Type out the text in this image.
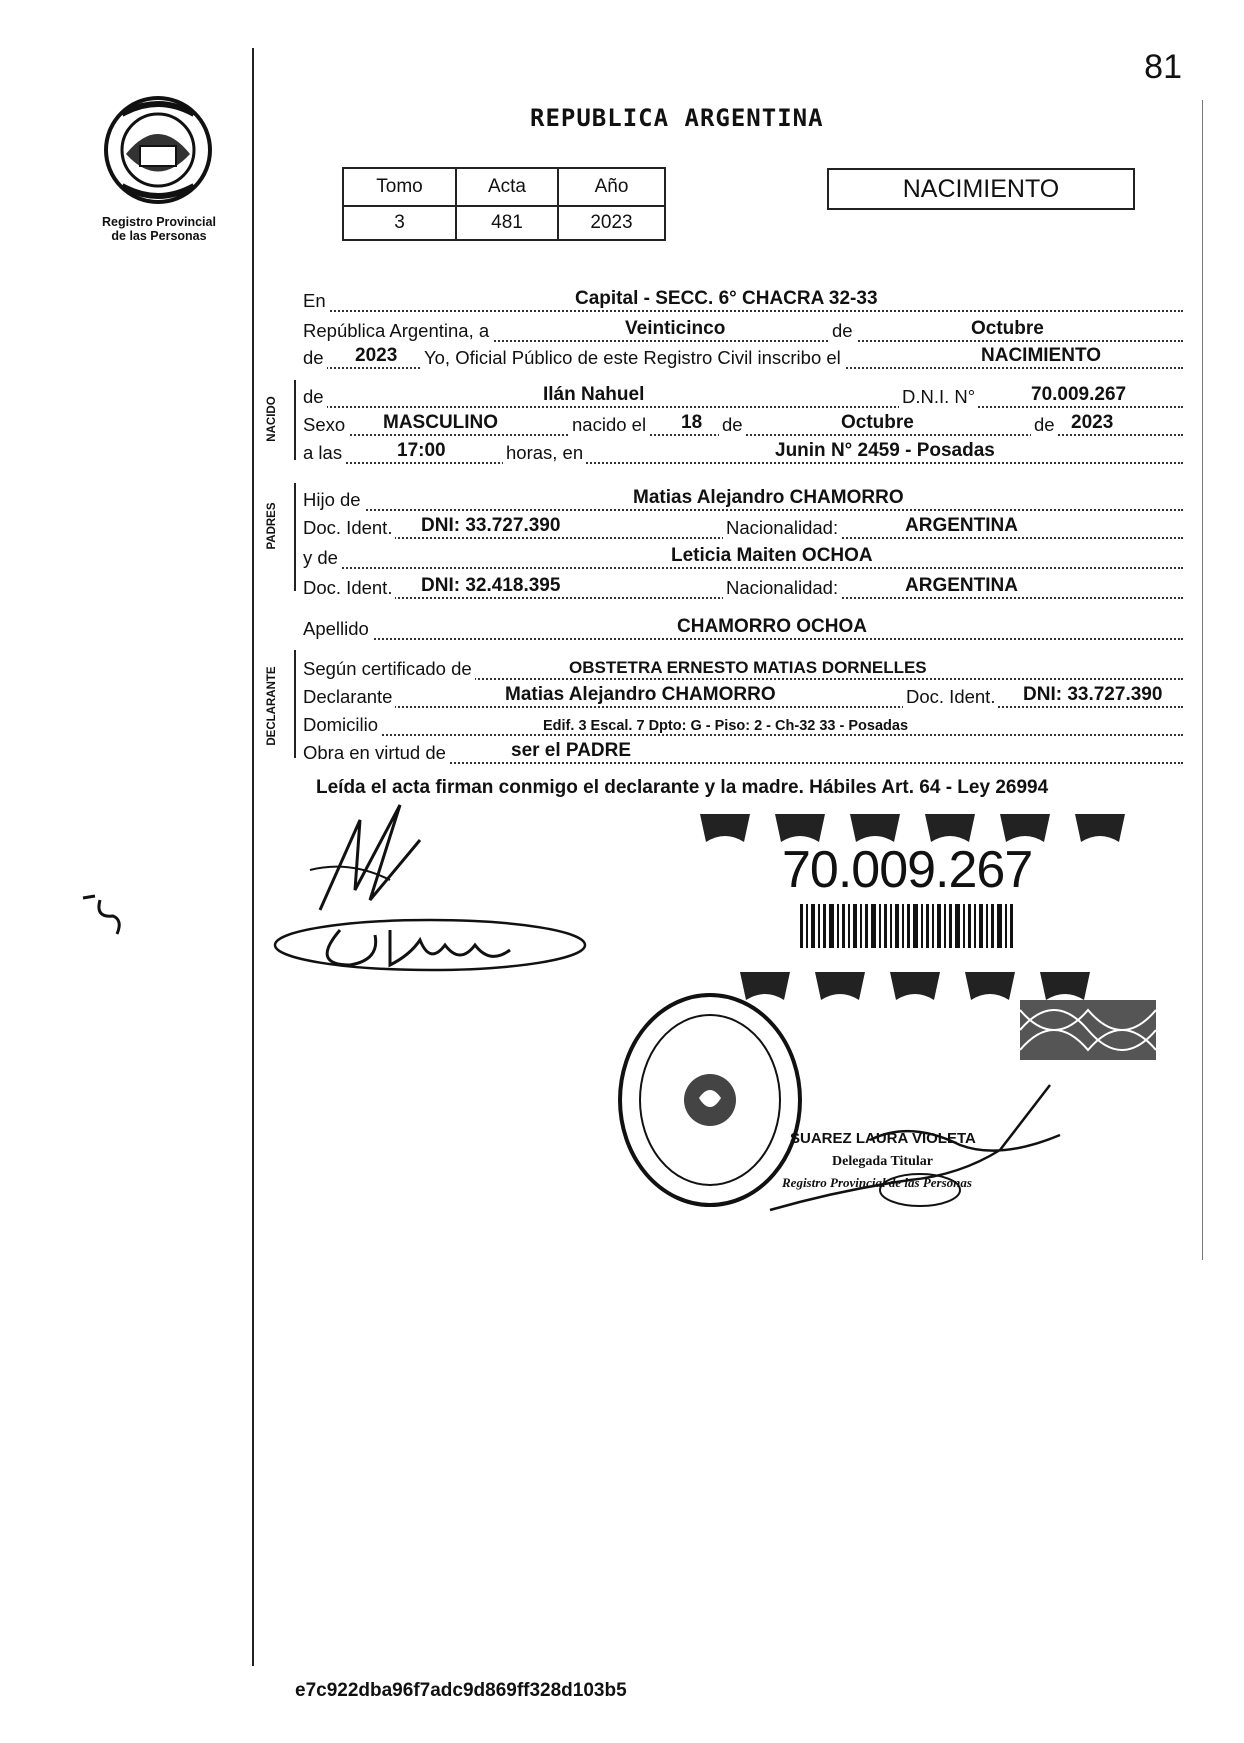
81
Registro Provincial
de las Personas
REPUBLICA ARGENTINA
Tomo	Acta	Año
3	481	2023
NACIMIENTO
NACIDO
PADRES
DECLARANTE
En	Capital - SECC. 6° CHACRA 32-33
República Argentina, a	Veinticinco	de	Octubre
de 2023 Yo, Oficial Público de este Registro Civil inscribo el	NACIMIENTO
de	Ilán Nahuel	D.N.I. N°	70.009.267
Sexo MASCULINO	nacido el 18 de	Octubre	de 2023
a las	17:00	horas, en	Junin N° 2459 - Posadas
Hijo de	Matias Alejandro CHAMORRO
Doc. Ident. DNI: 33.727.390	Nacionalidad:	ARGENTINA
y de	Leticia Maiten OCHOA
Doc. Ident. DNI: 32.418.395	Nacionalidad:	ARGENTINA
Apellido	CHAMORRO OCHOA
Según certificado de	OBSTETRA ERNESTO MATIAS DORNELLES
Declarante	Matias Alejandro CHAMORRO	Doc. Ident. DNI: 33.727.390
Domicilio	Edif. 3 Escal. 7 Dpto: G - Piso: 2 - Ch-32 33 - Posadas
Obra en virtud de	ser el PADRE
Leída el acta firman conmigo el declarante y la madre. Hábiles Art. 64 - Ley 26994
70.009.267
SUAREZ LAURA VIOLETA
Delegada Titular
Registro Provincial de las Personas
e7c922dba96f7adc9d869ff328d103b5
